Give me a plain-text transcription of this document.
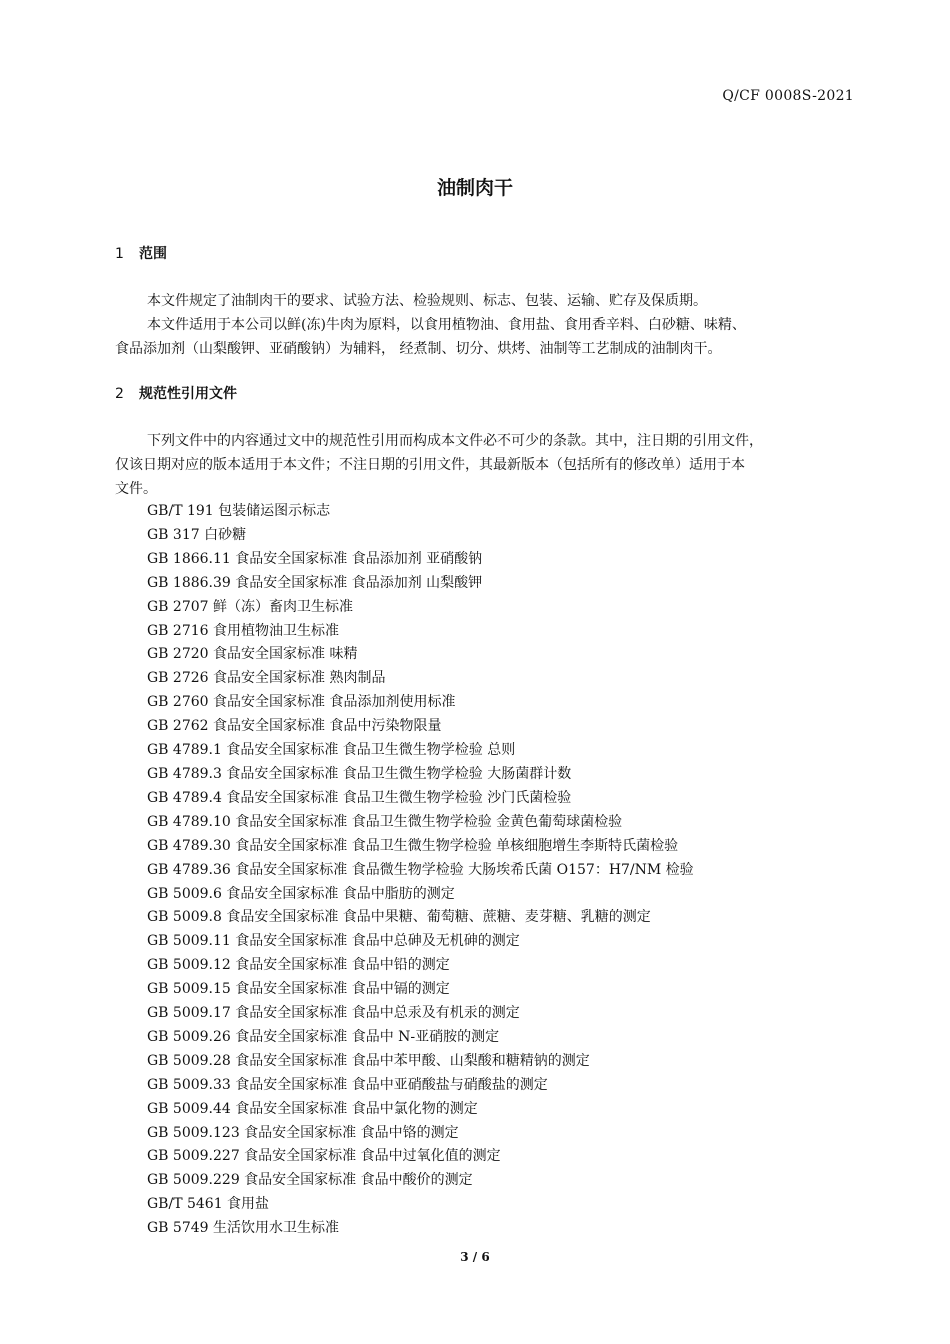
Q/CF 0008S-2021
油制肉干
1 范围
本文件规定了油制肉干的要求、试验方法、检验规则、标志、包装、运输、贮存及保质期。
本文件适用于本公司以鲜(冻)牛肉为原料，以食用植物油、食用盐、食用香辛料、白砂糖、味精、
食品添加剂（山梨酸钾、亚硝酸钠）为辅料， 经煮制、切分、烘烤、油制等工艺制成的油制肉干。
2 规范性引用文件
下列文件中的内容通过文中的规范性引用而构成本文件必不可少的条款。其中，注日期的引用文件，
仅该日期对应的版本适用于本文件；不注日期的引用文件，其最新版本（包括所有的修改单）适用于本
文件。
GB/T 191 包装储运图示标志
GB 317 白砂糖
GB 1866.11 食品安全国家标准 食品添加剂 亚硝酸钠
GB 1886.39 食品安全国家标准 食品添加剂 山梨酸钾
GB 2707 鲜（冻）畜肉卫生标准
GB 2716 食用植物油卫生标准
GB 2720 食品安全国家标准 味精
GB 2726 食品安全国家标准 熟肉制品
GB 2760 食品安全国家标准 食品添加剂使用标准
GB 2762 食品安全国家标准 食品中污染物限量
GB 4789.1 食品安全国家标准 食品卫生微生物学检验 总则
GB 4789.3 食品安全国家标准 食品卫生微生物学检验 大肠菌群计数
GB 4789.4 食品安全国家标准 食品卫生微生物学检验 沙门氏菌检验
GB 4789.10 食品安全国家标准 食品卫生微生物学检验 金黄色葡萄球菌检验
GB 4789.30 食品安全国家标准 食品卫生微生物学检验 单核细胞增生李斯特氏菌检验
GB 4789.36 食品安全国家标准 食品微生物学检验 大肠埃希氏菌 O157：H7/NM 检验
GB 5009.6 食品安全国家标准 食品中脂肪的测定
GB 5009.8 食品安全国家标准 食品中果糖、葡萄糖、蔗糖、麦芽糖、乳糖的测定
GB 5009.11 食品安全国家标准 食品中总砷及无机砷的测定
GB 5009.12 食品安全国家标准 食品中铅的测定
GB 5009.15 食品安全国家标准 食品中镉的测定
GB 5009.17 食品安全国家标准 食品中总汞及有机汞的测定
GB 5009.26 食品安全国家标准 食品中 N-亚硝胺的测定
GB 5009.28 食品安全国家标准 食品中苯甲酸、山梨酸和糖精钠的测定
GB 5009.33 食品安全国家标准 食品中亚硝酸盐与硝酸盐的测定
GB 5009.44 食品安全国家标准 食品中氯化物的测定
GB 5009.123 食品安全国家标准 食品中铬的测定
GB 5009.227 食品安全国家标准 食品中过氧化值的测定
GB 5009.229 食品安全国家标准 食品中酸价的测定
GB/T 5461 食用盐
GB 5749 生活饮用水卫生标准
3 / 6
